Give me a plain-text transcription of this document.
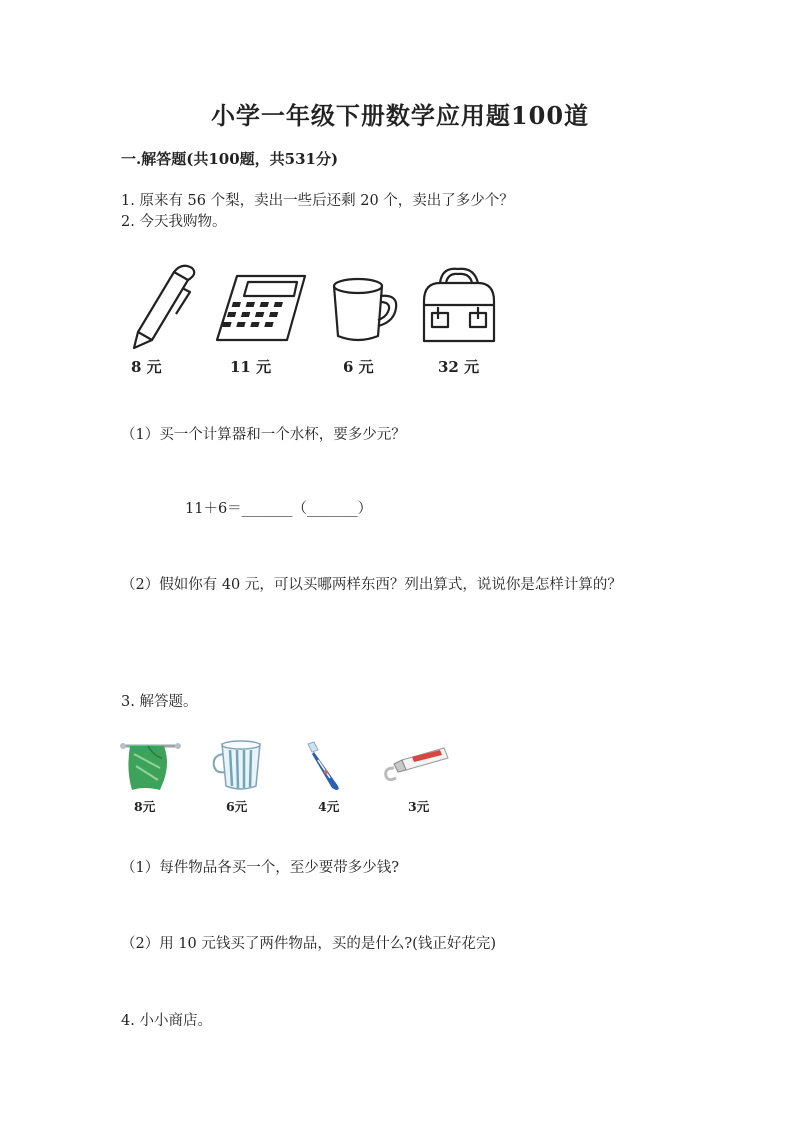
小学一年级下册数学应用题100道
一.解答题(共100题，共531分)
1. 原来有 56 个梨，卖出一些后还剩 20 个，卖出了多少个？
2. 今天我购物。
8 元	11 元	6 元	32 元
（1）买一个计算器和一个水杯，要多少元？
11＋6＝_______（_______）
（2）假如你有 40 元，可以买哪两样东西？列出算式，说说你是怎样计算的？
3. 解答题。
8元	6元	4元	3元
（1）每件物品各买一个，至少要带多少钱?
（2）用 10 元钱买了两件物品，买的是什么?(钱正好花完)
4. 小小商店。
